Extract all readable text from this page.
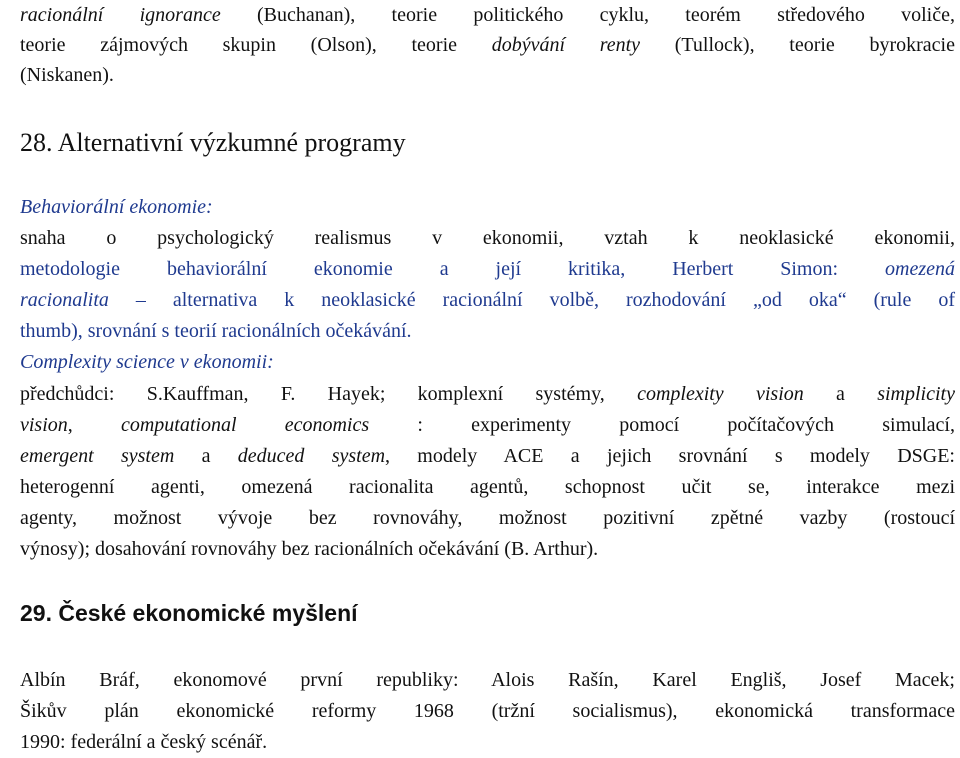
racionální ignorance (Buchanan), teorie politického cyklu, teorém středového voliče,
teorie zájmových skupin (Olson), teorie dobývání renty (Tullock), teorie byrokracie
(Niskanen).
28. Alternativní výzkumné programy
Behaviorální ekonomie:
snaha o psychologický realismus v ekonomii, vztah k neoklasické ekonomii,
metodologie behaviorální ekonomie a její kritika, Herbert Simon: omezená
racionalita – alternativa k neoklasické racionální volbě, rozhodování „od oka“ (rule of
thumb), srovnání s teorií racionálních očekávání.
Complexity science v ekonomii:
předchůdci: S.Kauffman, F. Hayek; komplexní systémy, complexity vision a simplicity
vision, computational economics : experimenty pomocí počítačových simulací,
emergent system a deduced system, modely ACE a jejich srovnání s modely DSGE:
heterogenní agenti, omezená racionalita agentů, schopnost učit se, interakce mezi
agenty, možnost vývoje bez rovnováhy, možnost pozitivní zpětné vazby (rostoucí
výnosy); dosahování rovnováhy bez racionálních očekávání (B. Arthur).
29. České ekonomické myšlení
Albín Bráf, ekonomové první republiky: Alois Rašín, Karel Engliš, Josef Macek;
Šikův plán ekonomické reformy 1968 (tržní socialismus), ekonomická transformace
1990: federální a český scénář.
